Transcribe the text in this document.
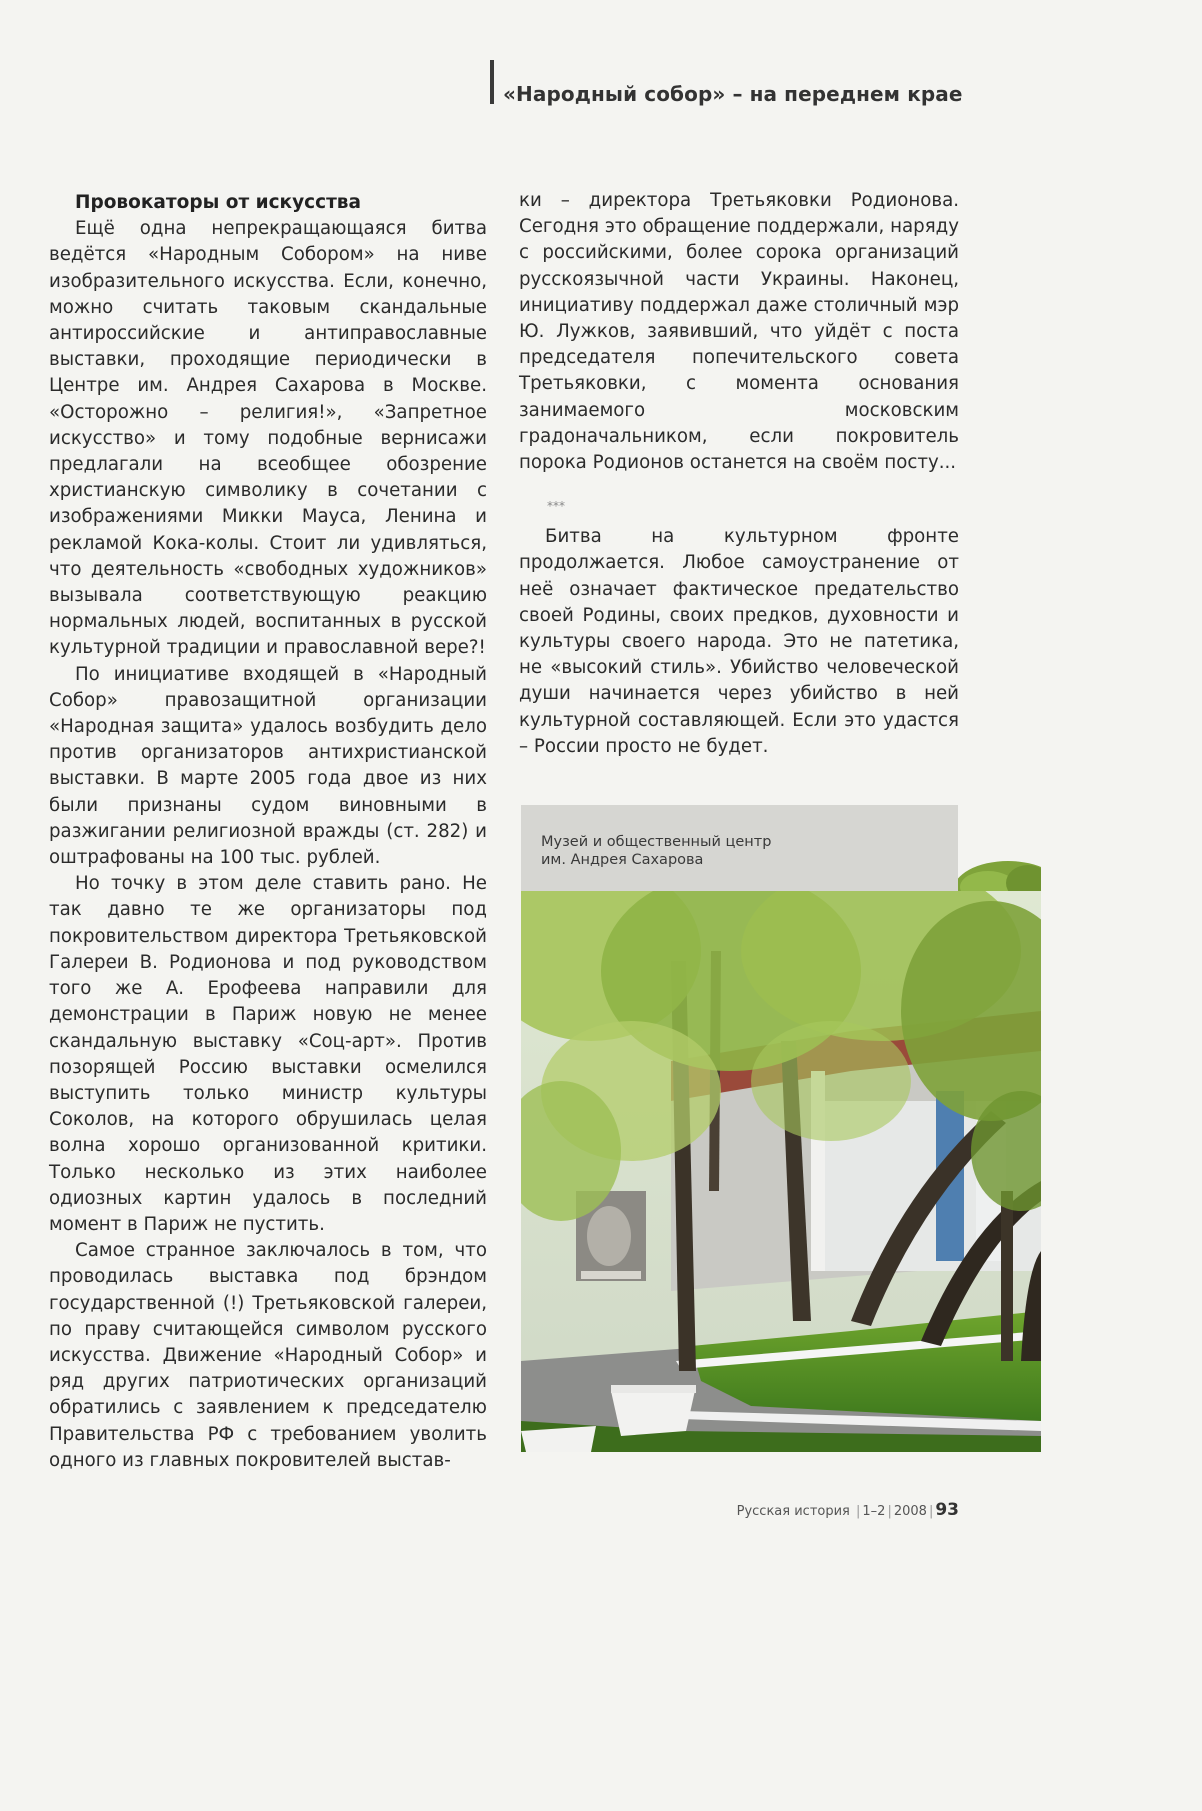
«Народный собор» – на переднем крае
Провокаторы от искусства

Ещё одна непрекращающаяся битва ведётся «Народным Собором» на ниве изобразительного искусства. Если, конечно, можно считать таковым скандальные антироссийские и антиправославные выставки, проходящие периодически в Центре им. Андрея Сахарова в Москве. «Осторожно – религия!», «Запретное искусство» и тому подобные вернисажи предлагали на всеобщее обозрение христианскую символику в сочетании с изображениями Микки Мауса, Ленина и рекламой Кока-колы. Стоит ли удивляться, что деятельность «свободных художников» вызывала соответствующую реакцию нормальных людей, воспитанных в русской культурной традиции и православной вере?!

По инициативе входящей в «Народный Собор» правозащитной организации «Народная защита» удалось возбудить дело против организаторов антихристианской выставки. В марте 2005 года двое из них были признаны судом виновными в разжигании религиозной вражды (ст. 282) и оштрафованы на 100 тыс. рублей.

Но точку в этом деле ставить рано. Не так давно те же организаторы под покровительством директора Третьяковской Галереи В. Родионова и под руководством того же А. Ерофеева направили для демонстрации в Париж новую не менее скандальную выставку «Соц-арт». Против позорящей Россию выставки осмелился выступить только министр культуры Соколов, на которого обрушилась целая волна хорошо организованной критики. Только несколько из этих наиболее одиозных картин удалось в последний момент в Париж не пустить.

Самое странное заключалось в том, что проводилась выставка под брэндом государственной (!) Третьяковской галереи, по праву считающейся символом русского искусства. Движение «Народный Собор» и ряд других патриотических организаций обратились с заявлением к председателю Правительства РФ с требованием уволить одного из главных покровителей выстав-

ки – директора Третьяковки Родионова. Сегодня это обращение поддержали, наряду с российскими, более сорока организаций русскоязычной части Украины. Наконец, инициативу поддержал даже столичный мэр Ю. Лужков, заявивший, что уйдёт с поста председателя попечительского совета Третьяковки, с момента основания занимаемого московским градоначальником, если покровитель порока Родионов останется на своём посту...

***

Битва на культурном фронте продолжается. Любое самоустранение от неё означает фактическое предательство своей Родины, своих предков, духовности и культуры своего народа. Это не патетика, не «высокий стиль». Убийство человеческой души начинается через убийство в ней культурной составляющей. Если это удастся – России просто не будет.

Музей и общественный центр
им. Андрея Сахарова
Русская история | 1–2 | 2008 | 93
